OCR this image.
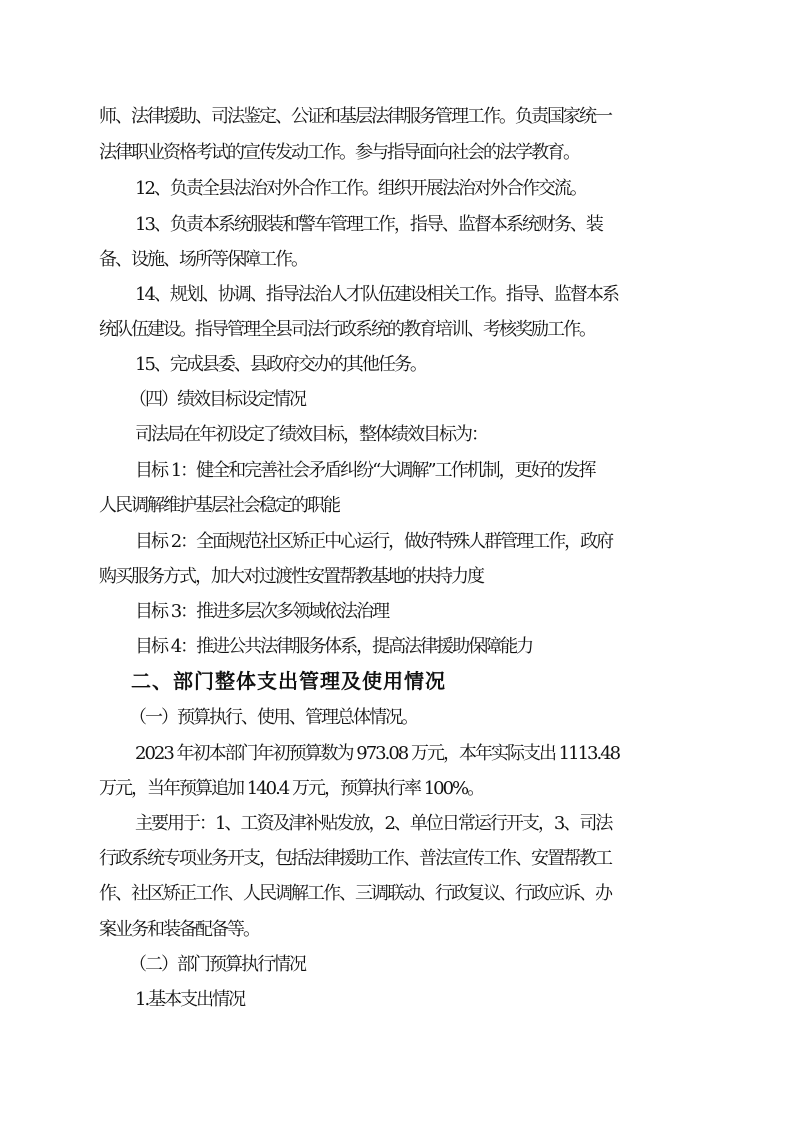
师、法律援助、司法鉴定、公证和基层法律服务管理工作。负责国家统一
法律职业资格考试的宣传发动工作。参与指导面向社会的法学教育。
12、负责全县法治对外合作工作。组织开展法治对外合作交流。
13、负责本系统服装和警车管理工作，指导、监督本系统财务、装
备、设施、场所等保障工作。
14、规划、协调、指导法治人才队伍建设相关工作。指导、监督本系
统队伍建设。指导管理全县司法行政系统的教育培训、考核奖励工作。
15、完成县委、县政府交办的其他任务。
（四）绩效目标设定情况
司法局在年初设定了绩效目标，整体绩效目标为：
目标 1：健全和完善社会矛盾纠纷“大调解”工作机制，更好的发挥
人民调解维护基层社会稳定的职能
目标 2：全面规范社区矫正中心运行，做好特殊人群管理工作，政府
购买服务方式，加大对过渡性安置帮教基地的扶持力度
目标 3：推进多层次多领域依法治理
目标 4：推进公共法律服务体系，提高法律援助保障能力
二、部门整体支出管理及使用情况
（一）预算执行、使用、管理总体情况。
2023 年初本部门年初预算数为 973.08 万元，本年实际支出 1113.48
万元，当年预算追加 140.4 万元，预算执行率 100%。
主要用于：1、工资及津补贴发放，2、单位日常运行开支，3、司法
行政系统专项业务开支，包括法律援助工作、普法宣传工作、安置帮教工
作、社区矫正工作、人民调解工作、三调联动、行政复议、行政应诉、办
案业务和装备配备等。
（二）部门预算执行情况
1.基本支出情况
